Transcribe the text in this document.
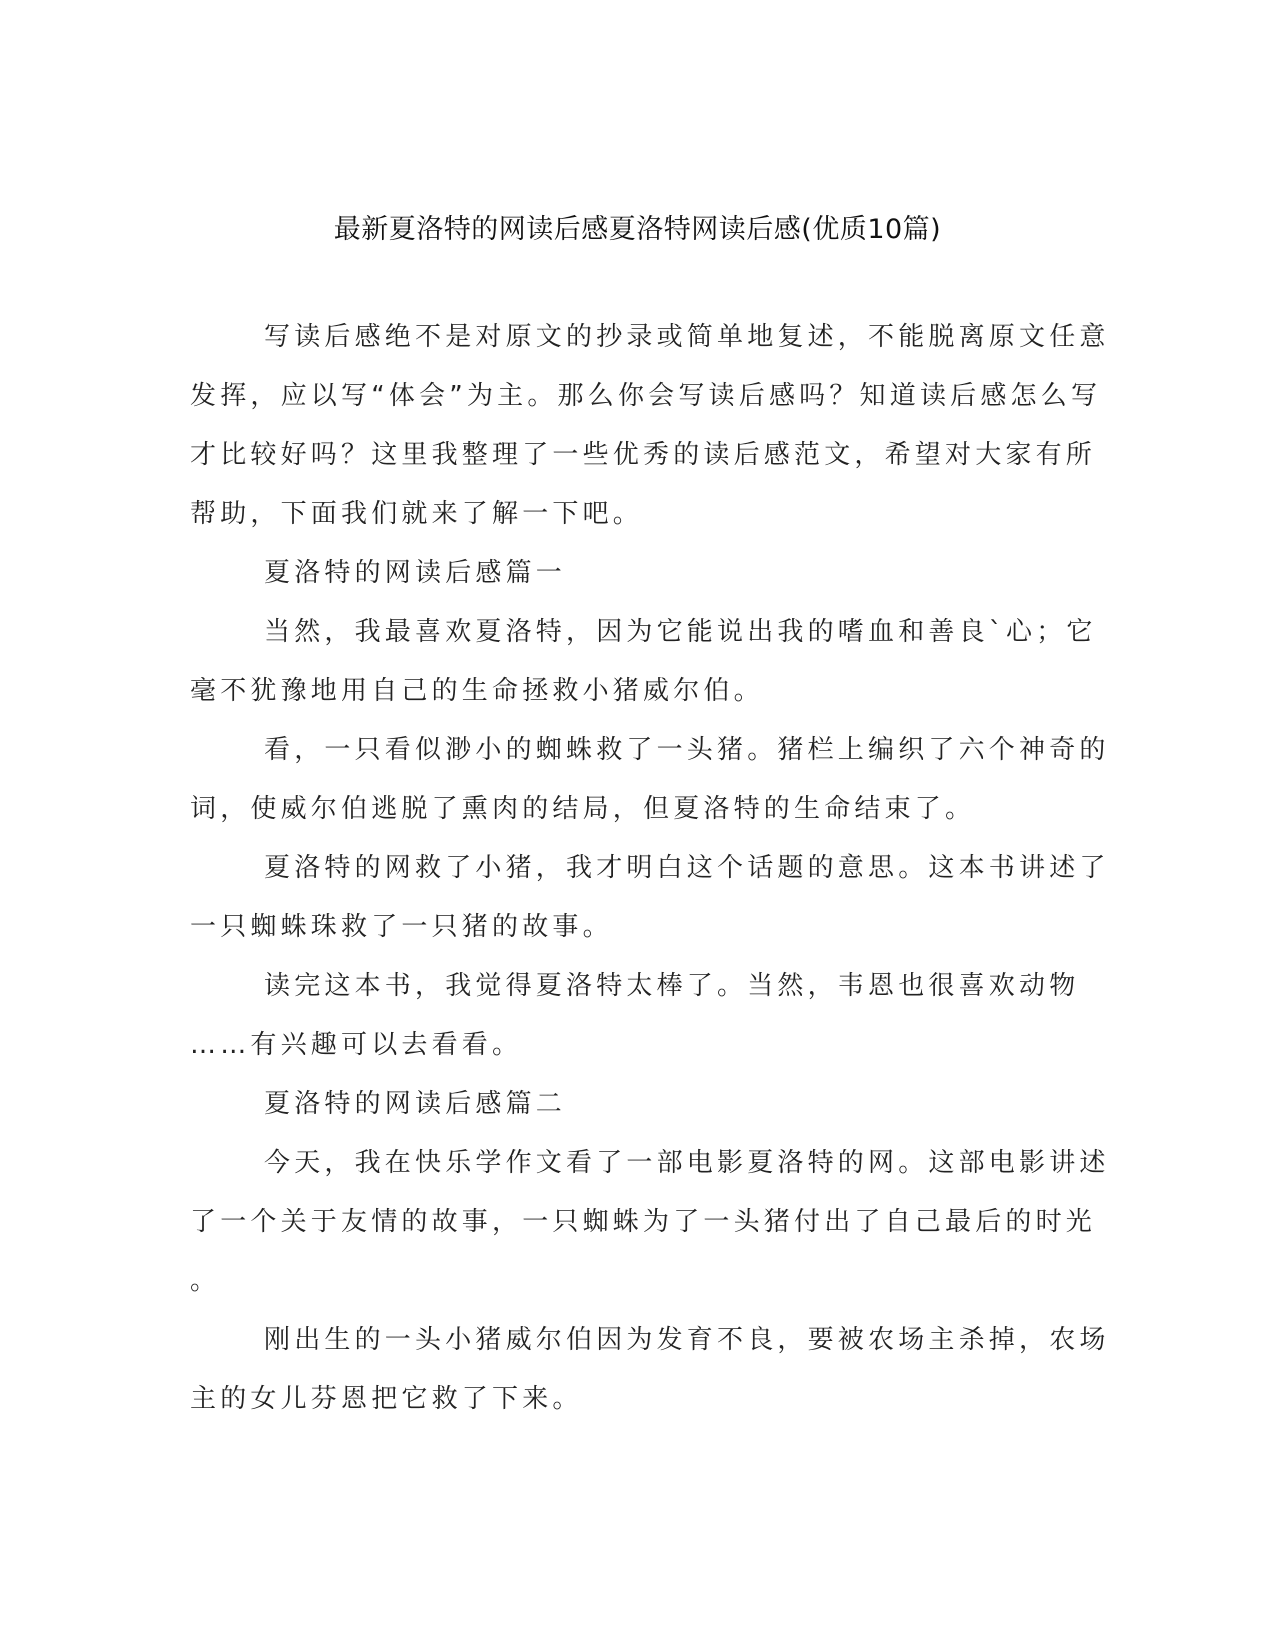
最新夏洛特的网读后感夏洛特网读后感(优质10篇)
写读后感绝不是对原文的抄录或简单地复述，不能脱离原文任意
发挥，应以写“体会”为主。那么你会写读后感吗？知道读后感怎么写
才比较好吗？这里我整理了一些优秀的读后感范文，希望对大家有所
帮助，下面我们就来了解一下吧。
夏洛特的网读后感篇一
当然，我最喜欢夏洛特，因为它能说出我的嗜血和善良`心；它
毫不犹豫地用自己的生命拯救小猪威尔伯。
看，一只看似渺小的蜘蛛救了一头猪。猪栏上编织了六个神奇的
词，使威尔伯逃脱了熏肉的结局，但夏洛特的生命结束了。
夏洛特的网救了小猪，我才明白这个话题的意思。这本书讲述了
一只蜘蛛珠救了一只猪的故事。
读完这本书，我觉得夏洛特太棒了。当然，韦恩也很喜欢动物
……有兴趣可以去看看。
夏洛特的网读后感篇二
今天，我在快乐学作文看了一部电影夏洛特的网。这部电影讲述
了一个关于友情的故事，一只蜘蛛为了一头猪付出了自己最后的时光
。
刚出生的一头小猪威尔伯因为发育不良，要被农场主杀掉，农场
主的女儿芬恩把它救了下来。
